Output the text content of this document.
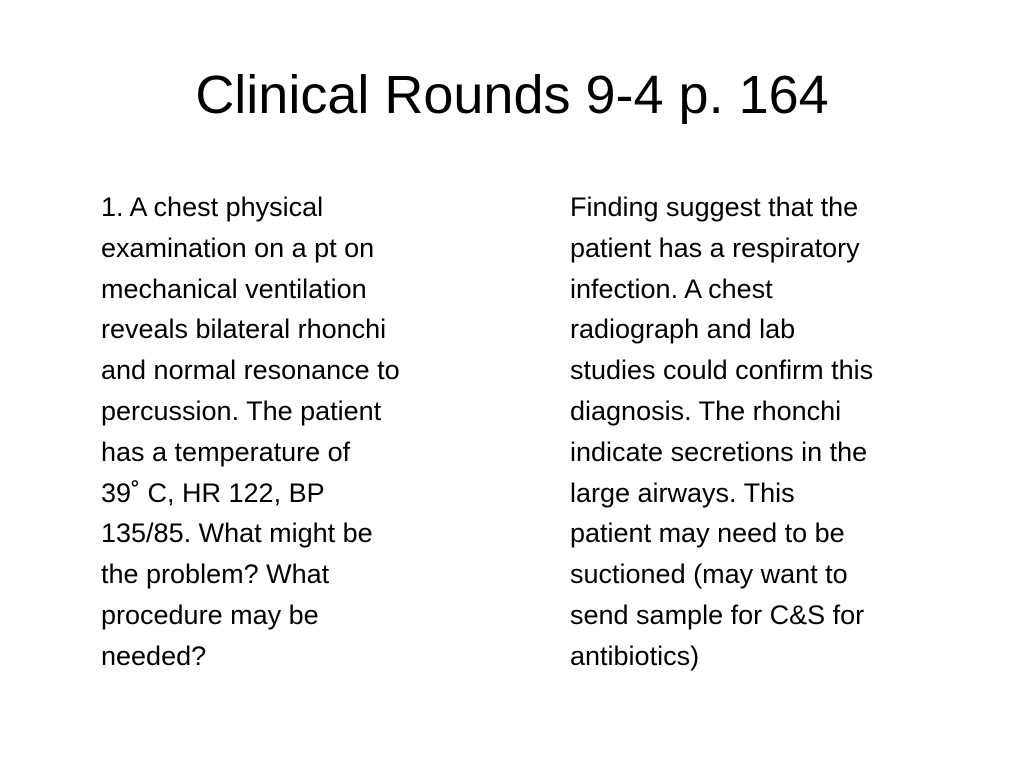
Clinical Rounds 9-4 p. 164

1. A chest physical
examination on a pt on
mechanical ventilation
reveals bilateral rhonchi
and normal resonance to
percussion. The patient
has a temperature of
39˚ C, HR 122, BP
135/85. What might be
the problem? What
procedure may be
needed?

Finding suggest that the
patient has a respiratory
infection. A chest
radiograph and lab
studies could confirm this
diagnosis. The rhonchi
indicate secretions in the
large airways. This
patient may need to be
suctioned (may want to
send sample for C&S for
antibiotics)
